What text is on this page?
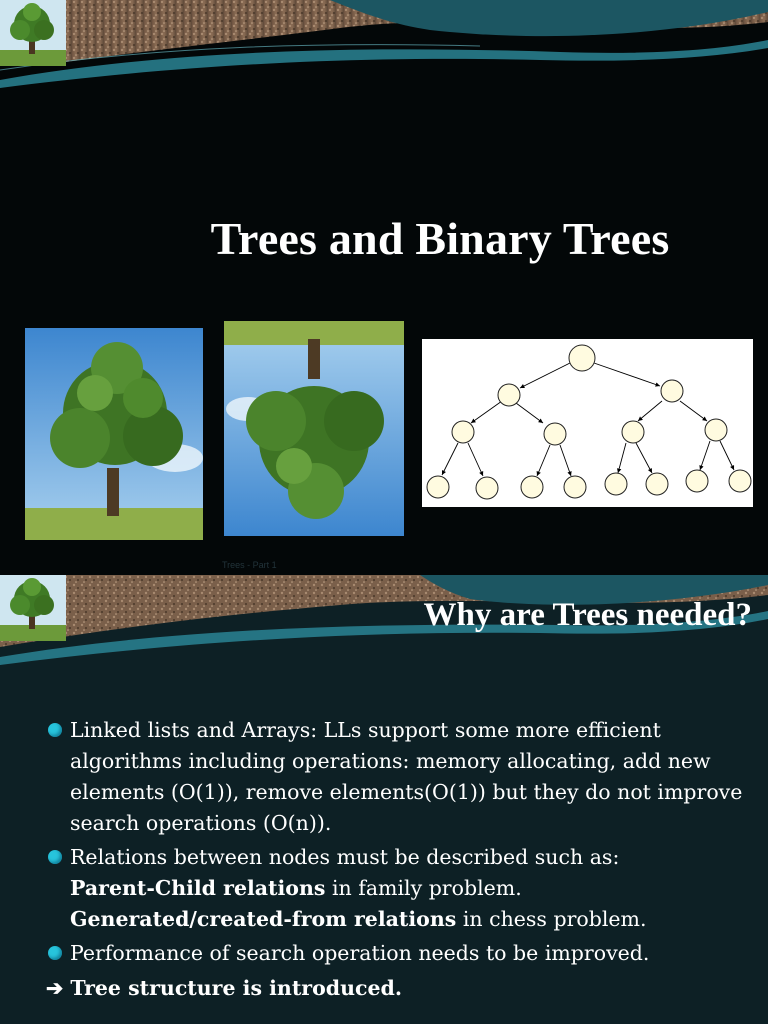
Trees and Binary Trees
Trees - Part 1
Why are Trees needed?
Linked lists and Arrays: LLs support some more efficient algorithms including operations: memory allocating, add new elements (O(1)), remove elements(O(1)) but they do not improve search operations (O(n)).
Relations between nodes must be described such as:
Parent-Child relations in family problem.
Generated/created-from relations in chess problem.
Performance of search operation needs to be improved.
➔ Tree structure is introduced.
